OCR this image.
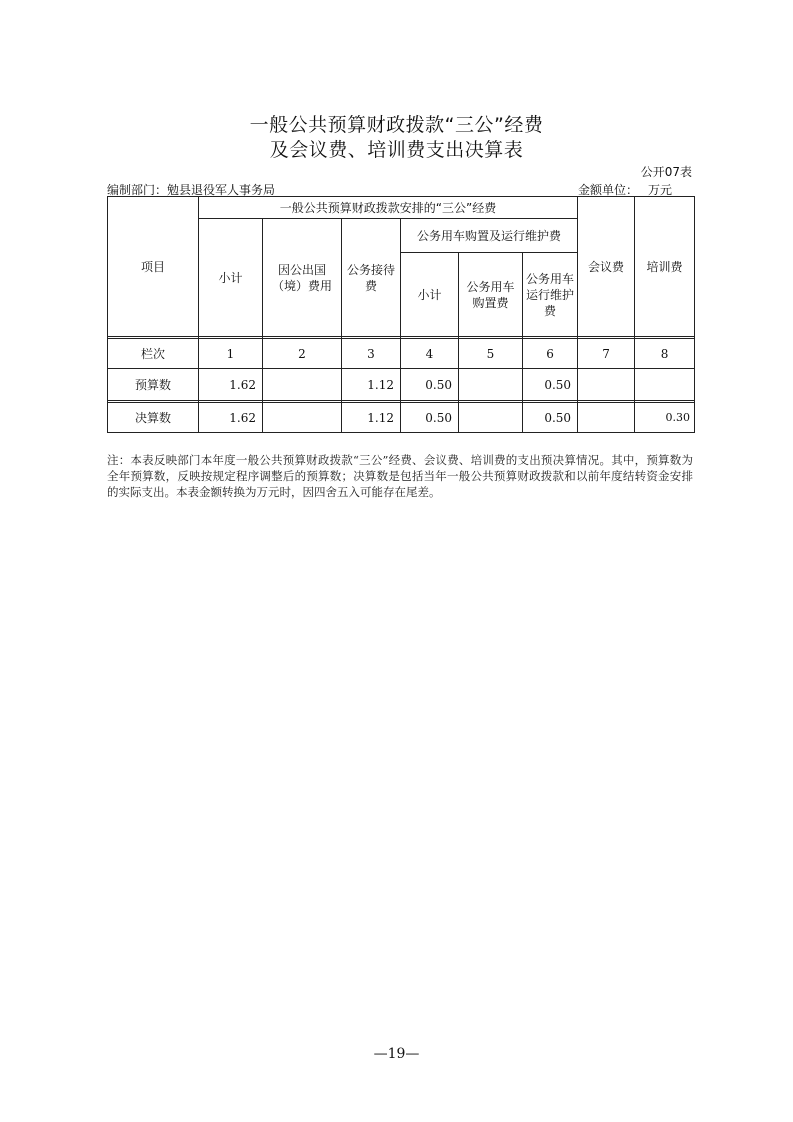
一般公共预算财政拨款“三公”经费
及会议费、培训费支出决算表
公开07表
编制部门：勉县退役军人事务局	金额单位： 万元
项目	一般公共预算财政拨款安排的“三公”经费						会议费	培训费
	小计	因公出国（境）费用	公务接待费	公务用车购置及运行维护费				
				小计	公务用车购置费	公务用车运行维护费		

栏次	1	2	3	4	5	6	7	8
预算数	1.62		1.12	0.50		0.50		

决算数	1.62		1.12	0.50		0.50		0.30
注：本表反映部门本年度一般公共预算财政拨款“三公”经费、会议费、培训费的支出预决算情况。其中，预算数为全年预算数，反映按规定程序调整后的预算数；决算数是包括当年一般公共预算财政拨款和以前年度结转资金安排的实际支出。本表金额转换为万元时，因四舍五入可能存在尾差。
—19—
